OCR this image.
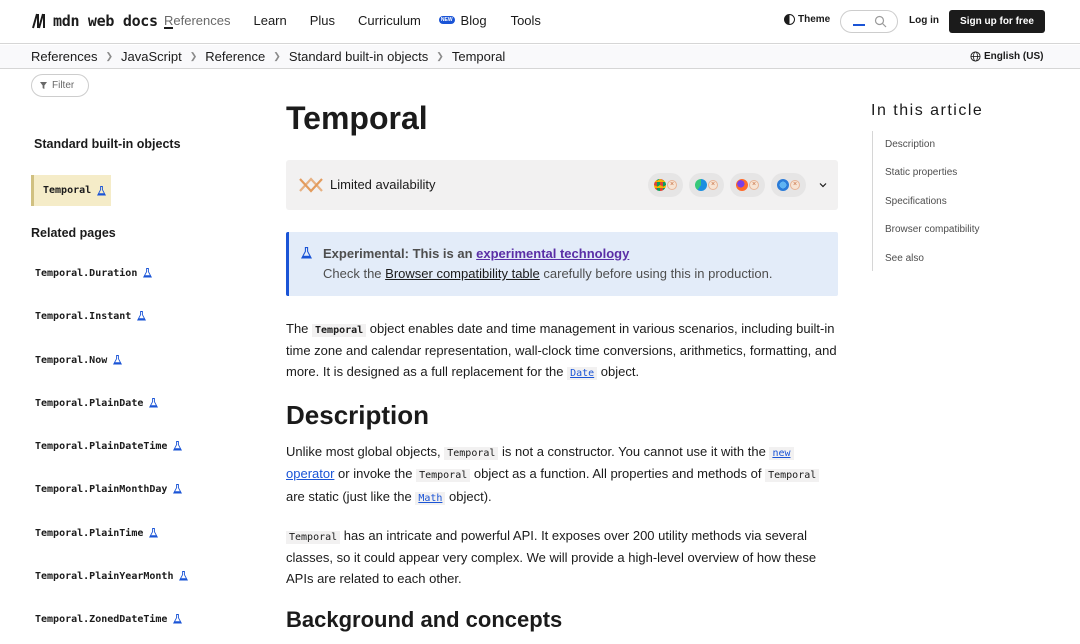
mdn web docs References Learn Plus Curriculum	$^{NEW}$ Blog Tools	Theme	Log in	Sign up for free
References ❯ JavaScript ❯ Reference ❯ Standard built-in objects ❯ Temporal	English (US)
Filter
Standard built-in objects
Temporal
Related pages
Temporal.Duration
Temporal.Instant
Temporal.Now
Temporal.PlainDate
Temporal.PlainDateTime
Temporal.PlainMonthDay
Temporal.PlainTime
Temporal.PlainYearMonth
Temporal.ZonedDateTime
Temporal
Limited availability	×	×	×	×
Experimental: This is an experimental technology
Check the Browser compatibility table carefully before using this in production.

The Temporal object enables date and time management in various scenarios, including built-in time zone and calendar representation, wall-clock time conversions, arithmetics, formatting, and more. It is designed as a full replacement for the Date object.

Description

Unlike most global objects, Temporal is not a constructor. You cannot use it with the new operator or invoke the Temporal object as a function. All properties and methods of Temporal are static (just like the Math object).

Temporal has an intricate and powerful API. It exposes over 200 utility methods via several classes, so it could appear very complex. We will provide a high-level overview of how these APIs are related to each other.

Background and concepts
In this article
Description
Static properties
Specifications
Browser compatibility
See also
